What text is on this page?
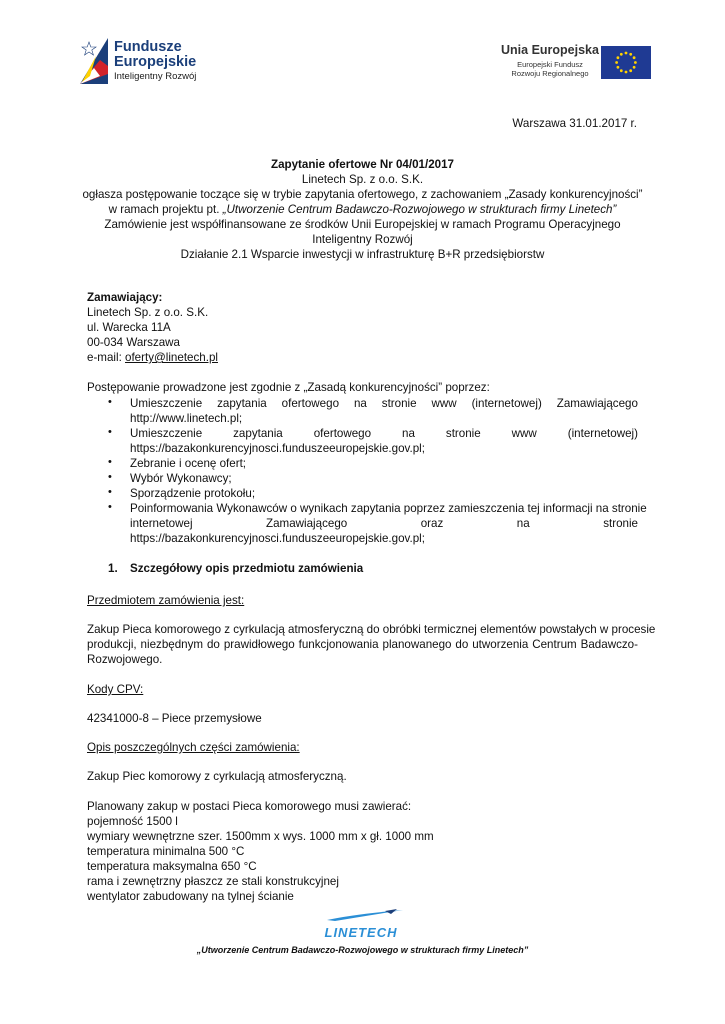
Fundusze
Europejskie
Inteligentny Rozwój
Unia Europejska
Europejski Fundusz
Rozwoju Regionalnego
Warszawa 31.01.2017 r.
Zapytanie ofertowe Nr 04/01/2017
Linetech Sp. z o.o. S.K.
ogłasza postępowanie toczące się w trybie zapytania ofertowego, z zachowaniem „Zasady konkurencyjności”
w ramach projektu pt. „Utworzenie Centrum Badawczo-Rozwojowego w strukturach firmy Linetech”
Zamówienie jest współfinansowane ze środków Unii Europejskiej w ramach Programu Operacyjnego
Inteligentny Rozwój
Działanie 2.1 Wsparcie inwestycji w infrastrukturę B+R przedsiębiorstw
Zamawiający:
Linetech Sp. z o.o. S.K.
ul. Warecka 11A
00-034 Warszawa
e-mail: oferty@linetech.pl
Postępowanie prowadzone jest zgodnie z „Zasadą konkurencyjności” poprzez:
• Umieszczenie zapytania ofertowego na stronie www (internetowej) Zamawiającego
http://www.linetech.pl;
• Umieszczenie	zapytania	ofertowego	na	stronie	www	(internetowej)
https://bazakonkurencyjnosci.funduszeeuropejskie.gov.pl;
• Zebranie i ocenę ofert;
• Wybór Wykonawcy;
• Sporządzenie protokołu;
• Poinformowania Wykonawców o wynikach zapytania poprzez zamieszczenia tej informacji na stronie
internetowej	Zamawiającego	oraz	na	stronie
https://bazakonkurencyjnosci.funduszeeuropejskie.gov.pl;
1. Szczegółowy opis przedmiotu zamówienia
Przedmiotem zamówienia jest:
Zakup Pieca komorowego z cyrkulacją atmosferyczną do obróbki termicznej elementów powstałych w procesie
produkcji, niezbędnym do prawidłowego funkcjonowania planowanego do utworzenia Centrum Badawczo-
Rozwojowego.
Kody CPV:
42341000-8 – Piece przemysłowe
Opis poszczególnych części zamówienia:
Zakup Piec komorowy z cyrkulacją atmosferyczną.
Planowany zakup w postaci Pieca komorowego musi zawierać:
pojemność 1500 l
wymiary wewnętrzne szer. 1500mm x wys. 1000 mm x gł. 1000 mm
temperatura minimalna 500 °C
temperatura maksymalna 650 °C
rama i zewnętrzny płaszcz ze stali konstrukcyjnej
wentylator zabudowany na tylnej ścianie
LINETECH
„Utworzenie Centrum Badawczo-Rozwojowego w strukturach firmy Linetech”
